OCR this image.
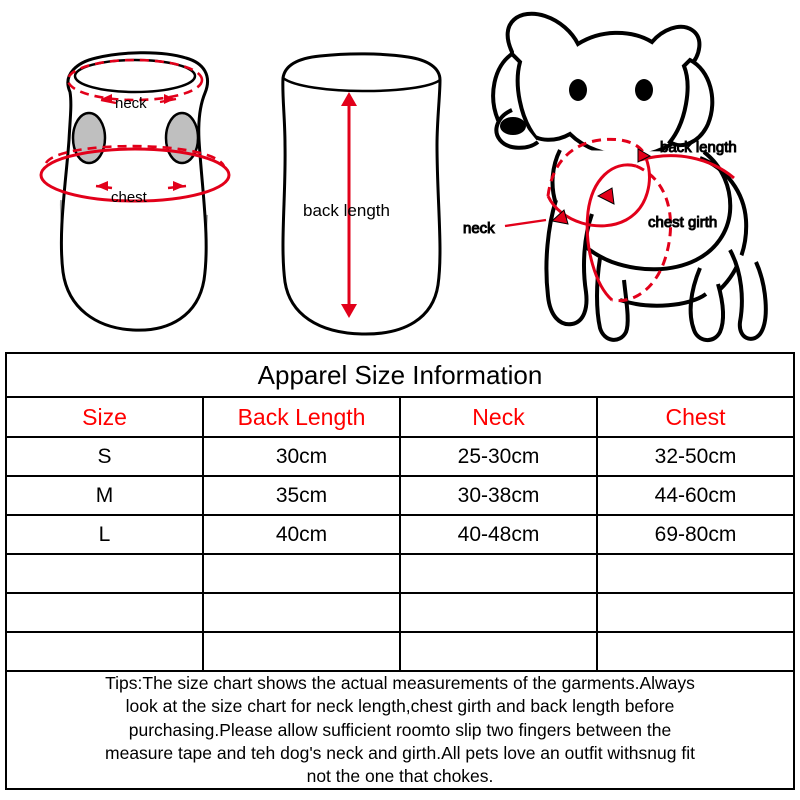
neck
chest
back length
neck	chest girth
back length
Apparel Size Information			
Size	Back Length	Neck	Chest
S	30cm	25-30cm	32-50cm
M	35cm	30-38cm	44-60cm
L	40cm	40-48cm	69-80cm

Tips:The size chart shows the actual measurements of the garments.Always

look at the size chart for neck length,chest girth and back length before

purchasing.Please allow sufficient roomto slip two fingers between the

measure tape and teh dog's neck and girth.All pets love an outfit withsnug fit

not the one that chokes.			
